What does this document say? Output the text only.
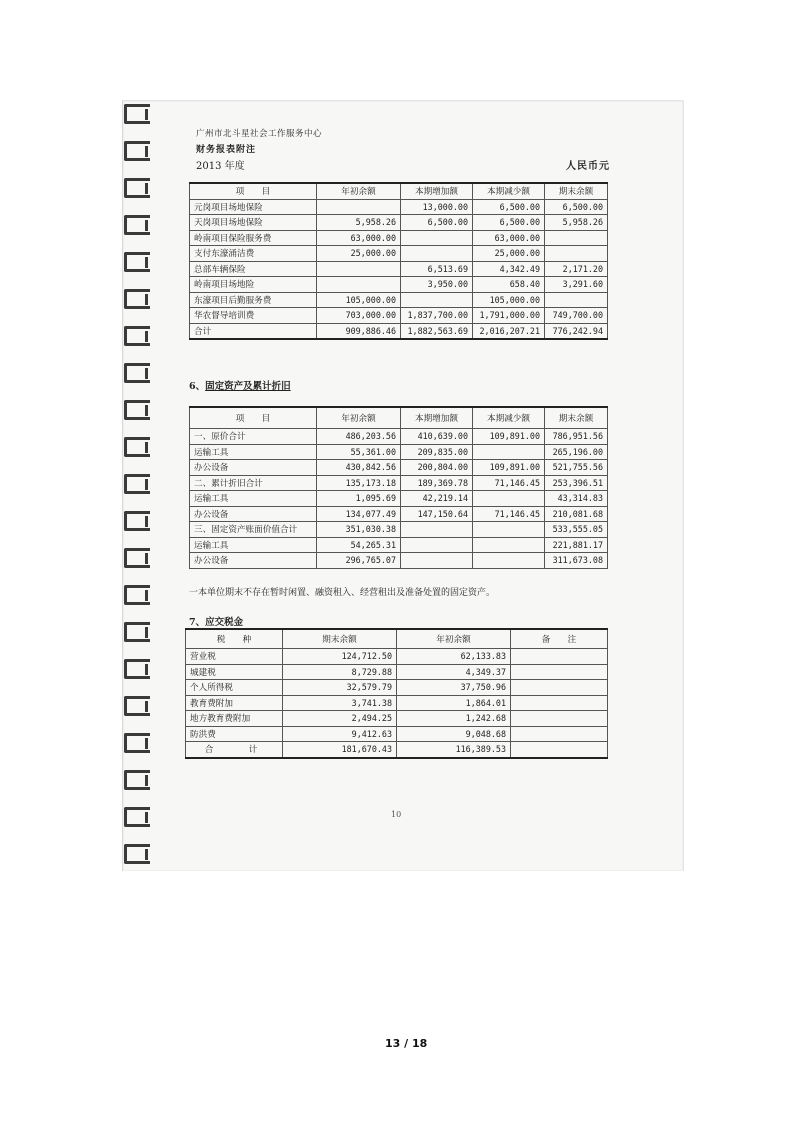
广州市北斗星社会工作服务中心
财务报表附注
2013 年度	人民币元
项　　目	年初余额	本期增加额	本期减少额	期末余额
元岗项目场地保险		13,000.00	6,500.00	6,500.00
天岗项目场地保险	5,958.26	6,500.00	6,500.00	5,958.26
岭南项目保险服务费	63,000.00		63,000.00	
支付东濠涌洁费	25,000.00		25,000.00	
总部车辆保险		6,513.69	4,342.49	2,171.20
岭南项目场地险		3,950.00	658.40	3,291.60
东濠项目后勤服务费	105,000.00		105,000.00	
华农督导培训费	703,000.00	1,837,700.00	1,791,000.00	749,700.00
合计	909,886.46	1,882,563.69	2,016,207.21	776,242.94
6、固定资产及累计折旧
项　　目	年初余额	本期增加额	本期减少额	期末余额
一、原价合计	486,203.56	410,639.00	109,891.00	786,951.56
运输工具	55,361.00	209,835.00		265,196.00
办公设备	430,842.56	200,804.00	109,891.00	521,755.56
二、累计折旧合计	135,173.18	189,369.78	71,146.45	253,396.51
运输工具	1,095.69	42,219.14		43,314.83
办公设备	134,077.49	147,150.64	71,146.45	210,081.68
三、固定资产账面价值合计	351,030.38			533,555.05
运输工具	54,265.31			221,881.17
办公设备	296,765.07			311,673.08
一本单位期末不存在暂时闲置、融资租入、经营租出及准备处置的固定资产。
7、应交税金
税　　种	期末余额	年初余额	备　　注
营业税	124,712.50	62,133.83	
城建税	8,729.88	4,349.37	
个人所得税	32,579.79	37,750.96	
教育费附加	3,741.38	1,864.01	
地方教育费附加	2,494.25	1,242.68	
防洪费	9,412.63	9,048.68	
合　　计	181,670.43	116,389.53	
10
13 / 18
